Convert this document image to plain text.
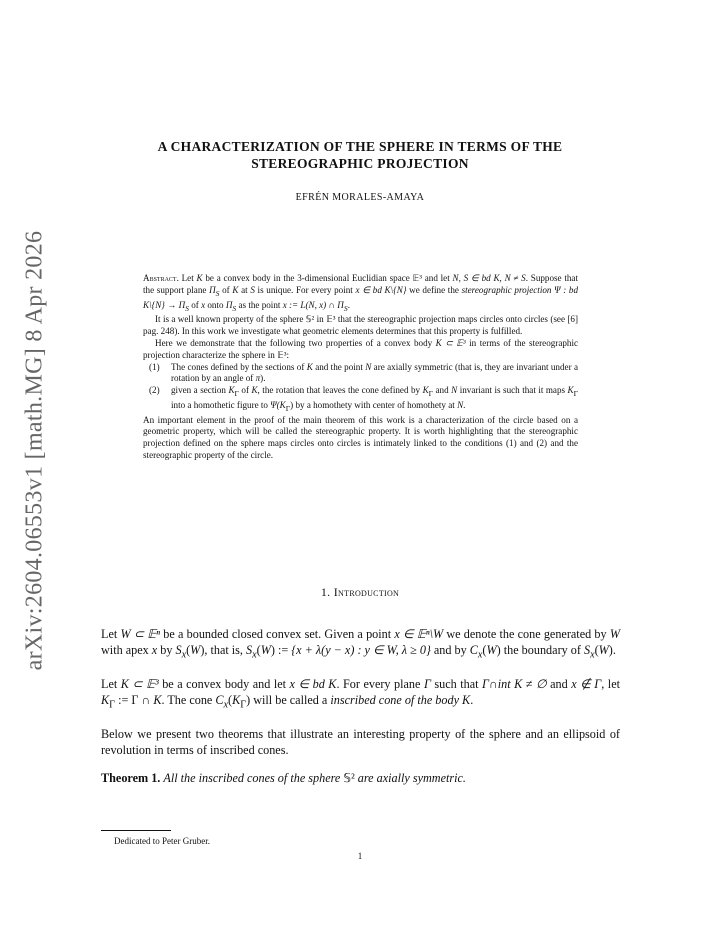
arXiv:2604.06553v1 [math.MG] 8 Apr 2026
A CHARACTERIZATION OF THE SPHERE IN TERMS OF THE
STEREOGRAPHIC PROJECTION
EFRÉN MORALES-AMAYA

Abstract. Let K be a convex body in the 3-dimensional Euclidian space 𝔼³ and let N, S ∈ bd K, N ≠ S. Suppose that the support plane $\Pi_S$ of K at S is unique. For every point x ∈ bd K\{N} we define the stereographic projection Ψ : bd K\{N} → $\Pi_S$ of x onto $\Pi_S$ as the point x := L(N, x) ∩ $\Pi_S$.

It is a well known property of the sphere 𝕊² in 𝔼³ that the stereographic projection maps circles onto circles (see [6] pag. 248). In this work we investigate what geometric elements determines that this property is fulfilled.

Here we demonstrate that the following two properties of a convex body K ⊂ 𝔼³ in terms of the stereographic projection characterize the sphere in 𝔼³:

(1) The cones defined by the sections of K and the point N are axially symmetric (that is, they are invariant under a rotation by an angle of π).
(2) given a section $K_\Gamma$ of K, the rotation that leaves the cone defined by $K_\Gamma$ and N invariant is such that it maps $K_\Gamma$ into a homothetic figure to $\Psi(K_\Gamma)$ by a homothety with center of homothety at N.

An important element in the proof of the main theorem of this work is a characterization of the circle based on a geometric property, which will be called the stereographic property. It is worth highlighting that the stereographic projection defined on the sphere maps circles onto circles is intimately linked to the conditions (1) and (2) and the stereographic property of the circle.

1. Introduction

Let W ⊂ 𝔼ⁿ be a bounded closed convex set. Given a point x ∈ 𝔼ⁿ\W we denote the cone generated by W with apex x by $S_x(W)$, that is, $S_x(W)$ := {x + λ(y − x) : y ∈ W, λ ≥ 0} and by $C_x(W)$ the boundary of $S_x(W)$.

Let K ⊂ 𝔼³ be a convex body and let x ∈ bd K. For every plane Γ such that Γ∩int K ≠ ∅ and x ∉ Γ, let $K_\Gamma$ := Γ ∩ K. The cone $C_x(K_\Gamma)$ will be called a inscribed cone of the body K.

Below we present two theorems that illustrate an interesting property of the sphere and an ellipsoid of revolution in terms of inscribed cones.

Theorem 1. All the inscribed cones of the sphere 𝕊² are axially symmetric.

Dedicated to Peter Gruber.
1
